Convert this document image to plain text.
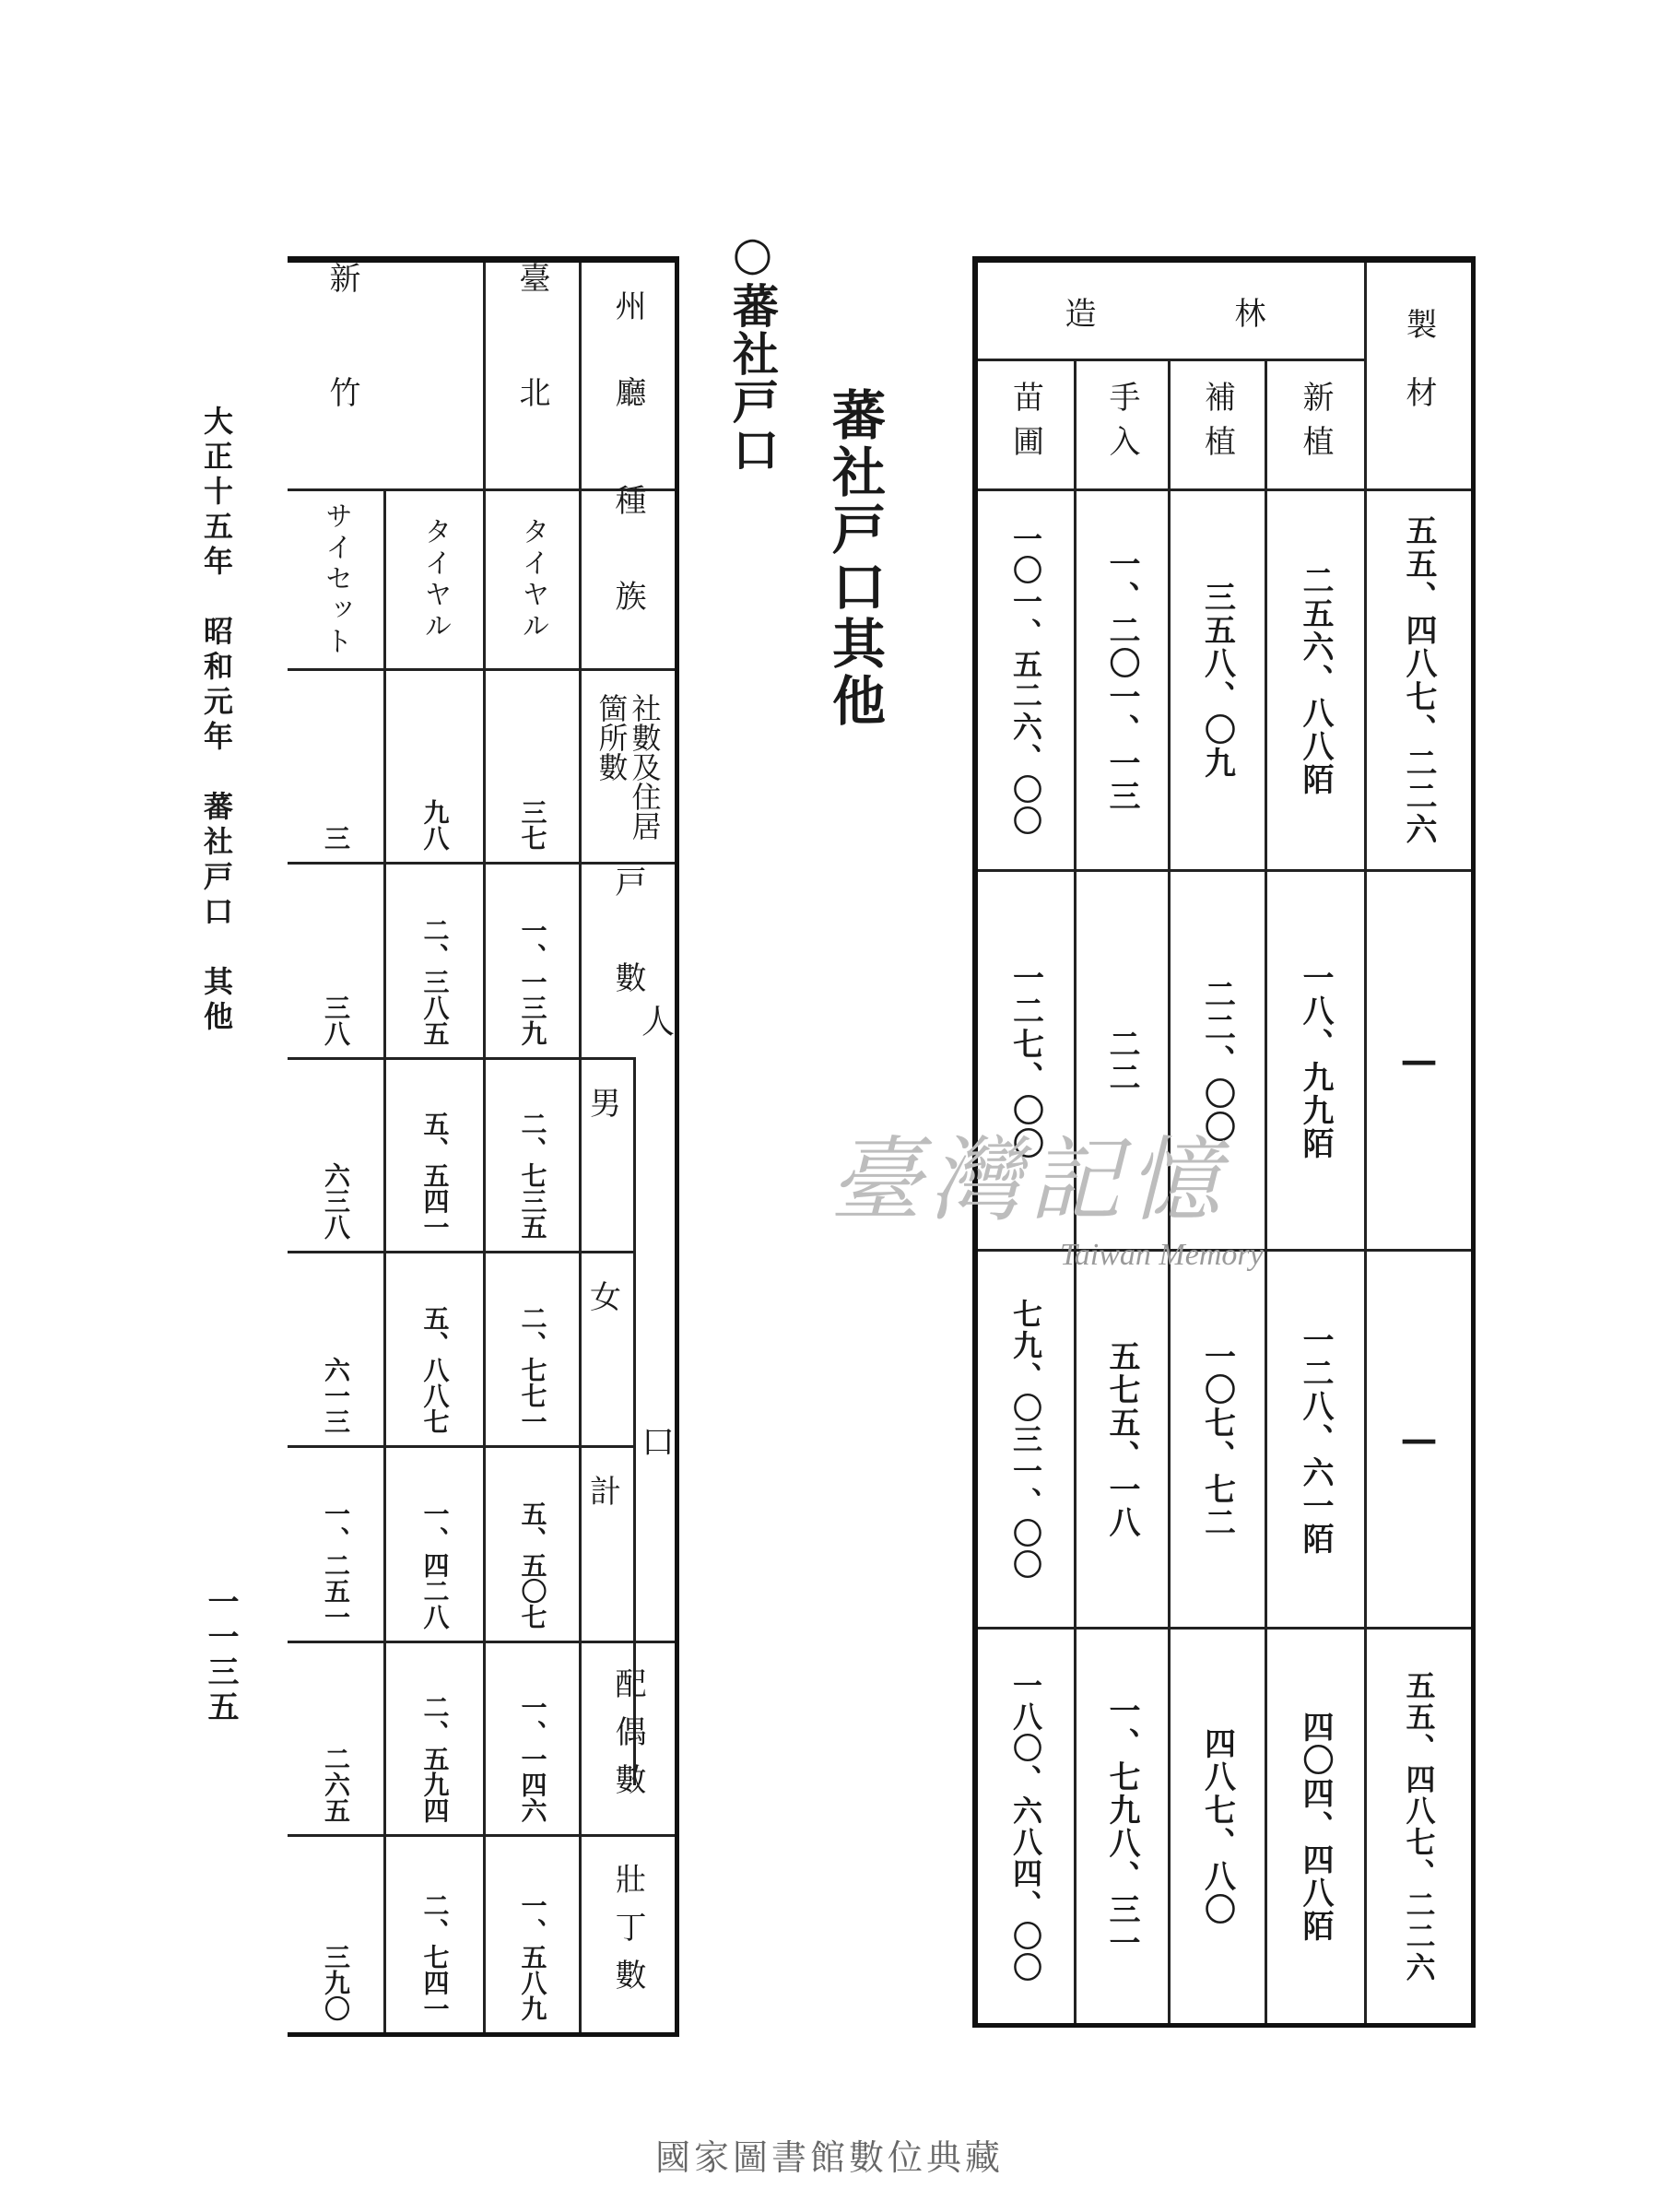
○蕃社戸口
蕃社戸口其他
造　　　林	製材
新植
補植
手入
苗圃
五五、四八七、二二六
二五六、八八陌
三五八、〇九
一、二〇一、一三
一〇一、五二六、〇〇
—
一八、九九陌
二二、〇〇
二二
一二七、〇〇
—
一二八、六一陌
一〇七、七二
五七五、一八
七九、〇三一、〇〇
五五、四八七、二二六
四〇四、四八陌
四八七、八〇
一、七九八、三一
一八〇、六八四、〇〇
州廳
種族
社數及住居箇所數
戸數
人口
男
女
計
配偶數
壯丁數
臺北
新竹
タイヤル
タイヤル
サイセット
三七
九八
三
一、一三九
二、三八五
三八
二、七三五
五、五四一
六三八
二、七七一
五、八八七
六一三
五、五〇七
一、四二八
一、二五一
一、一四六
二、五九四
二六五
一、五八九
二、七四一
三九〇
大正十五年　昭和元年　蕃社戸口　其他
一一三五
臺灣記憶
Taiwan Memory
國家圖書館數位典藏
